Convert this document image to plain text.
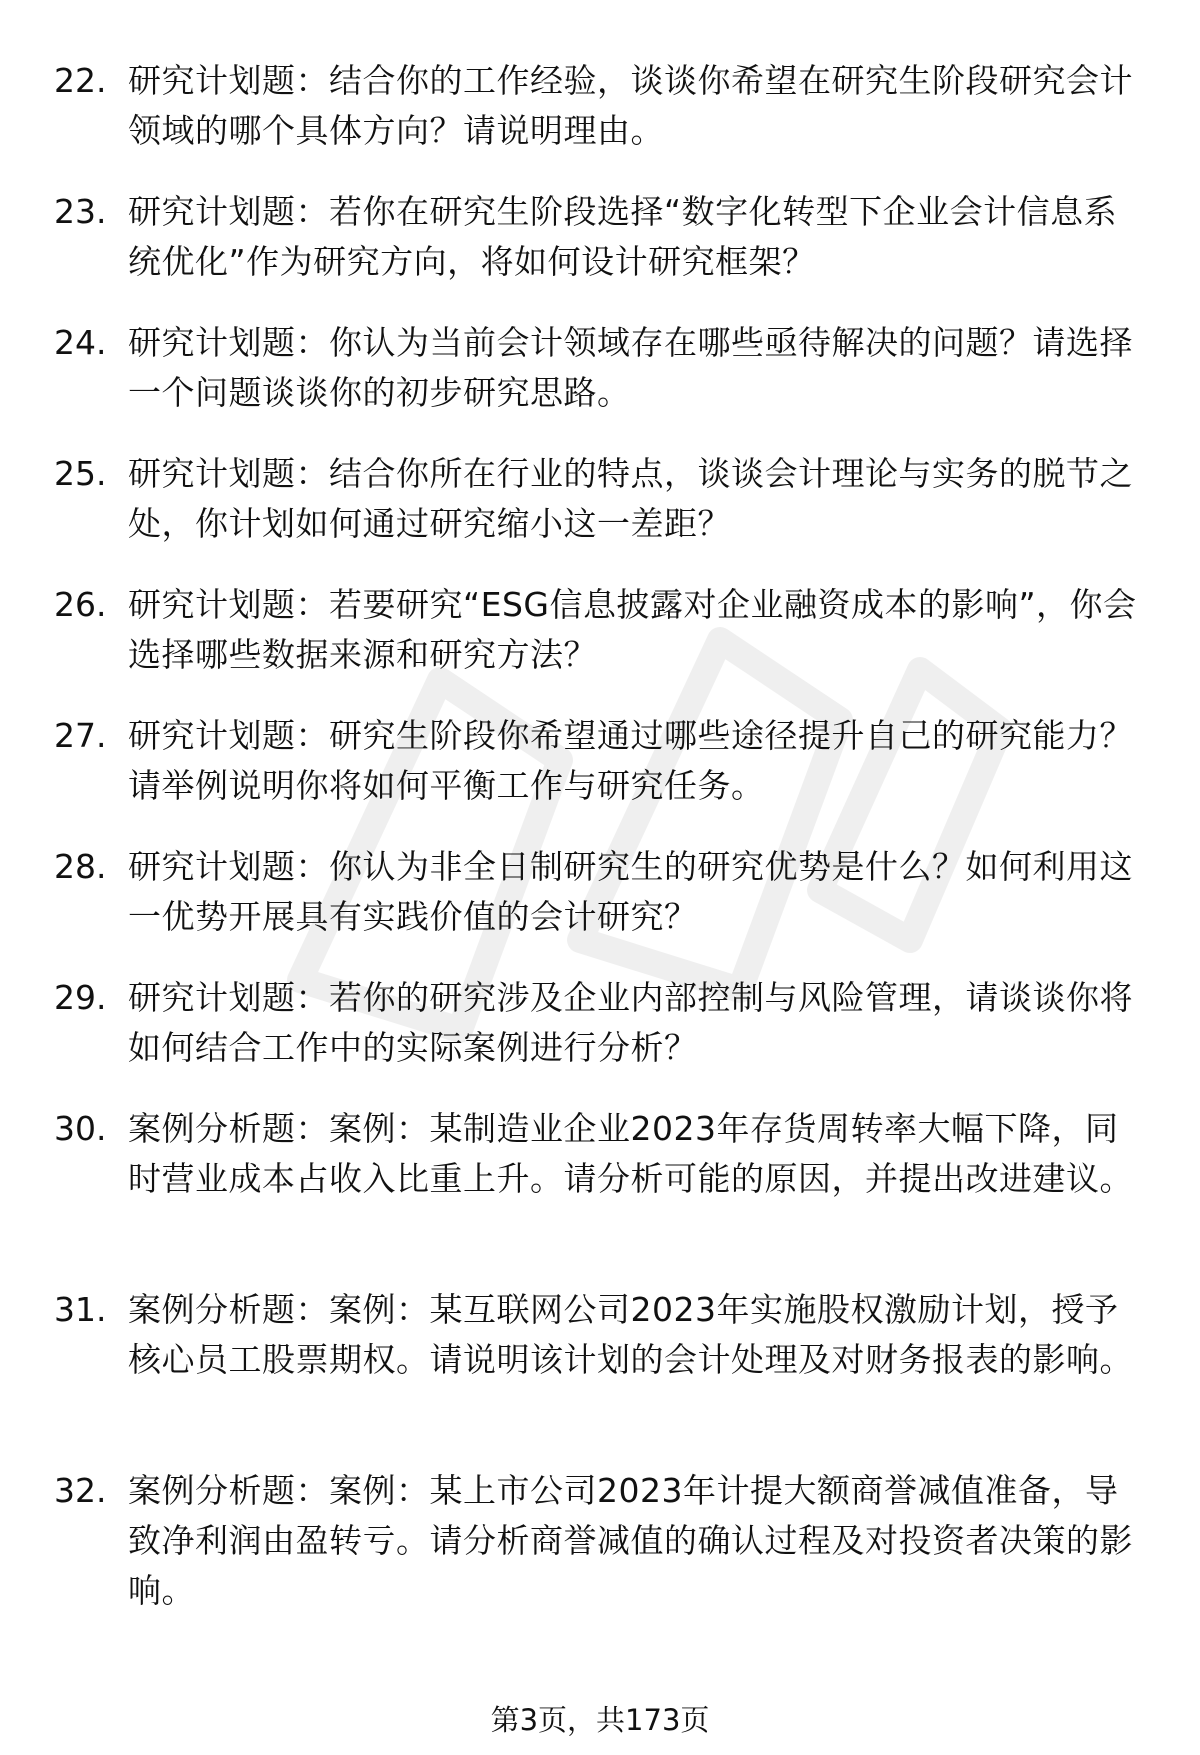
22. 研究计划题：结合你的工作经验，谈谈你希望在研究生阶段研究会计领域的哪个具体方向？请说明理由。
23. 研究计划题：若你在研究生阶段选择“数字化转型下企业会计信息系统优化”作为研究方向，将如何设计研究框架？
24. 研究计划题：你认为当前会计领域存在哪些亟待解决的问题？请选择一个问题谈谈你的初步研究思路。
25. 研究计划题：结合你所在行业的特点，谈谈会计理论与实务的脱节之处，你计划如何通过研究缩小这一差距？
26. 研究计划题：若要研究“ESG信息披露对企业融资成本的影响”，你会选择哪些数据来源和研究方法？
27. 研究计划题：研究生阶段你希望通过哪些途径提升自己的研究能力？请举例说明你将如何平衡工作与研究任务。
28. 研究计划题：你认为非全日制研究生的研究优势是什么？如何利用这一优势开展具有实践价值的会计研究？
29. 研究计划题：若你的研究涉及企业内部控制与风险管理，请谈谈你将如何结合工作中的实际案例进行分析？
30. 案例分析题：案例：某制造业企业2023年存货周转率大幅下降，同时营业成本占收入比重上升。请分析可能的原因，并提出改进建议。
31. 案例分析题：案例：某互联网公司2023年实施股权激励计划，授予核心员工股票期权。请说明该计划的会计处理及对财务报表的影响。
32. 案例分析题：案例：某上市公司2023年计提大额商誉减值准备，导致净利润由盈转亏。请分析商誉减值的确认过程及对投资者决策的影响。
第3页，共173页
